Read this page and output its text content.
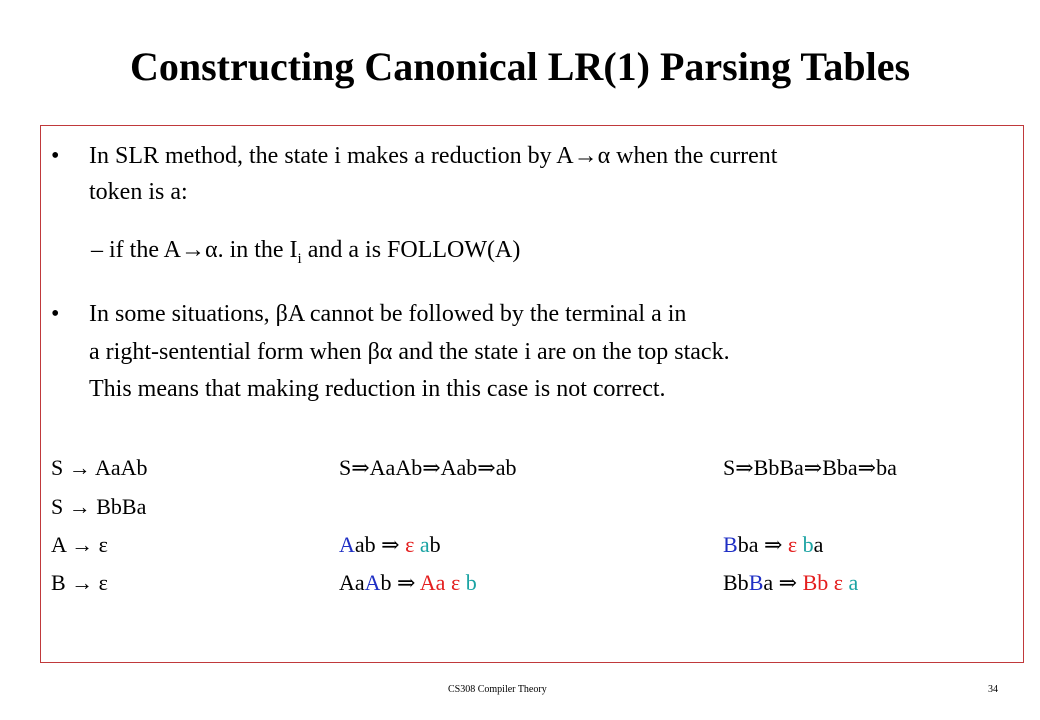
Constructing Canonical LR(1) Parsing Tables
• In SLR method, the state i makes a reduction by A→α when the current
token is a:
– if the A→α. in the $I_i$ and a is FOLLOW(A)
• In some situations, βA cannot be followed by the terminal a in
a right-sentential form when βα and the state i are on the top stack.
This means that making reduction in this case is not correct.
S → AaAb	S⇒AaAb⇒Aab⇒ab	S⇒BbBa⇒Bba⇒ba
S → BbBa
A → ε	Aab ⇒ ε ab	Bba ⇒ ε ba
B → ε	AaAb ⇒ Aa ε b	BbBa ⇒ Bb ε a
CS308 Compiler Theory	34
